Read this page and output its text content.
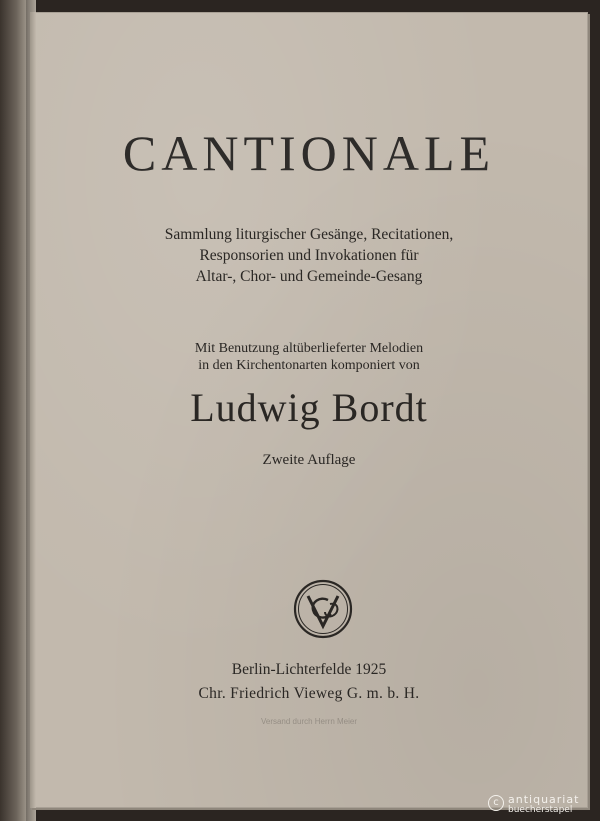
CANTIONALE
Sammlung liturgischer Gesänge, Recitationen,
Responsorien und Invokationen für
Altar-, Chor- und Gemeinde-Gesang
Mit Benutzung altüberlieferter Melodien
in den Kirchentonarten komponiert von
Ludwig Bordt
Zweite Auflage
Berlin-Lichterfelde 1925
Chr. Friedrich Vieweg G. m. b. H.
Versand durch Herrn Meier
c antiquariat
buecherstapel
